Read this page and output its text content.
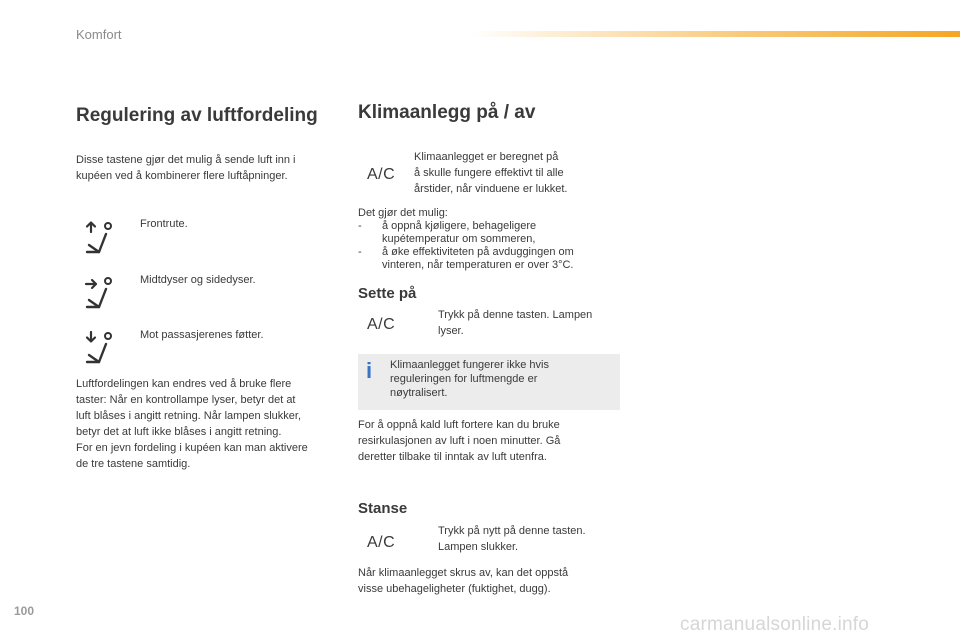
Komfort
Regulering av luftfordeling
Disse tastene gjør det mulig å sende luft inn i
kupéen ved å kombinerer flere luftåpninger.
Frontrute.
Midtdyser og sidedyser.
Mot passasjerenes føtter.
Luftfordelingen kan endres ved å bruke flere
taster: Når en kontrollampe lyser, betyr det at
luft blåses i angitt retning. Når lampen slukker,
betyr det at luft ikke blåses i angitt retning.
For en jevn fordeling i kupéen kan man aktivere
de tre tastene samtidig.
Klimaanlegg på / av
A/C
Klimaanlegget er beregnet på
å skulle fungere effektivt til alle
årstider, når vinduene er lukket.
Det gjør det mulig:
- å oppnå kjøligere, behageligere
kupétemperatur om sommeren,
- å øke effektiviteten på avduggingen om
vinteren, når temperaturen er over 3°C.
Sette på
A/C
Trykk på denne tasten. Lampen
lyser.
i Klimaanlegget fungerer ikke hvis
reguleringen for luftmengde er
nøytralisert.
For å oppnå kald luft fortere kan du bruke
resirkulasjonen av luft i noen minutter. Gå
deretter tilbake til inntak av luft utenfra.
Stanse
A/C
Trykk på nytt på denne tasten.
Lampen slukker.
Når klimaanlegget skrus av, kan det oppstå
visse ubehageligheter (fuktighet, dugg).
100
carmanualsonline.info
